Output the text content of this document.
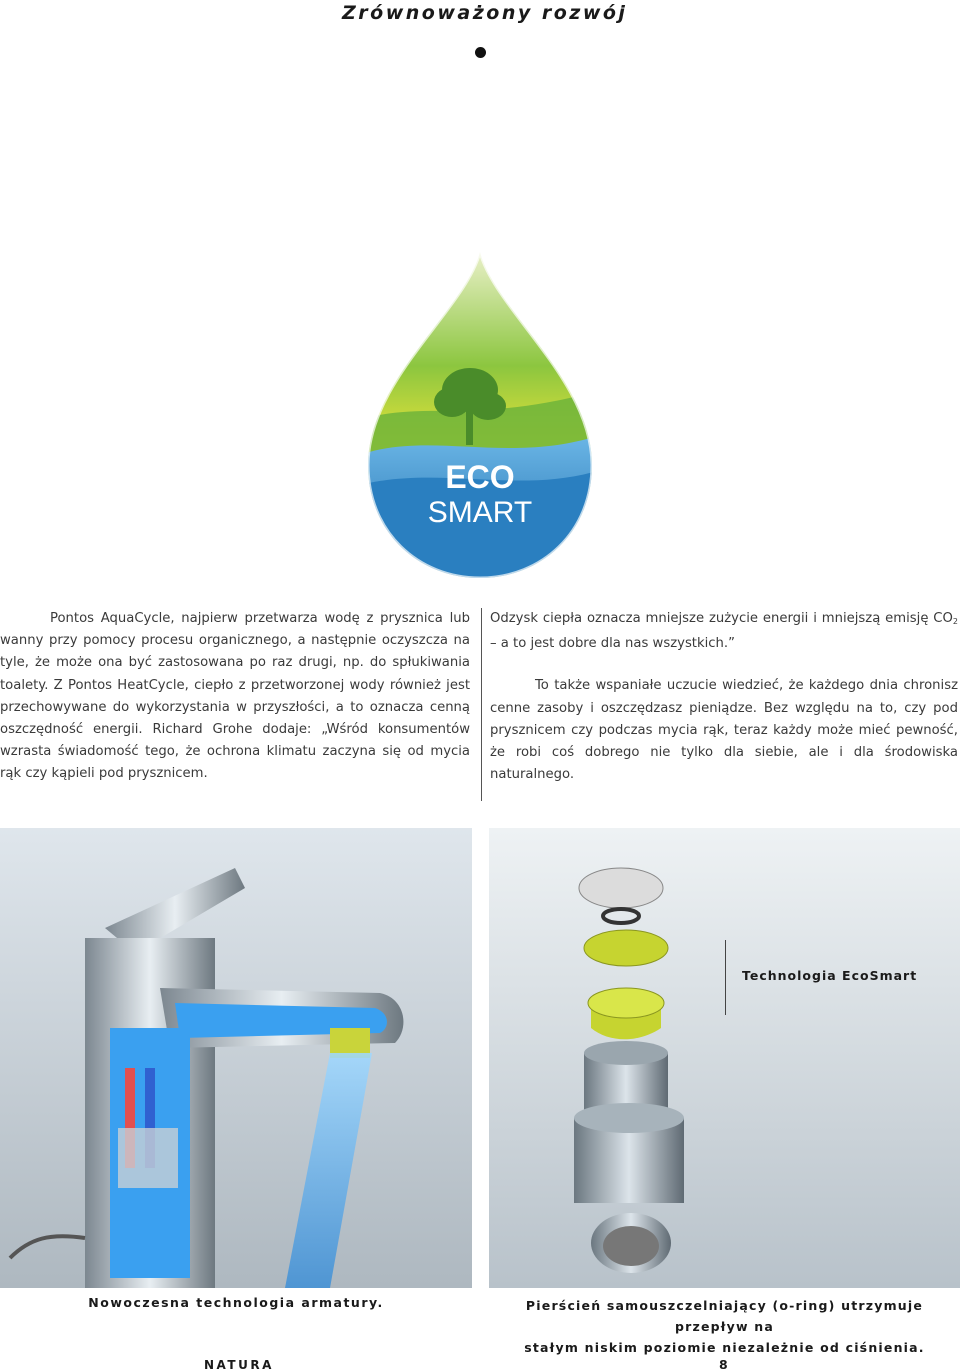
Zrównoważony rozwój
ECO
SMART

Pontos AquaCycle, najpierw przetwarza wodę z prysznica lub wanny przy pomocy procesu organicznego, a następnie oczyszcza na tyle, że może ona być zastosowana po raz drugi, np. do spłukiwania toalety. Z Pontos HeatCycle, ciepło z przetworzonej wody również jest przechowywane do wykorzystania w przyszłości, a to oznacza cenną oszczędność energii. Richard Grohe dodaje: „Wśród konsumentów wzrasta świadomość tego, że ochrona klimatu zaczyna się od mycia rąk czy kąpieli pod prysznicem.

Odzysk ciepła oznacza mniejsze zużycie energii i mniejszą emisję $CO_2$ – a to jest dobre dla nas wszystkich.”

To także wspaniałe uczucie wiedzieć, że każdego dnia chronisz cenne zasoby i oszczędzasz pieniądze. Bez względu na to, czy pod prysznicem czy podczas mycia rąk, teraz każdy może mieć pewność, że robi coś dobrego nie tylko dla siebie, ale i dla środowiska naturalnego.

Technologia EcoSmart
Nowoczesna technologia armatury.	Pierścień samouszczelniający (o-ring) utrzymuje przepływ na
stałym niskim poziomie niezależnie od ciśnienia.
NATURA	8
